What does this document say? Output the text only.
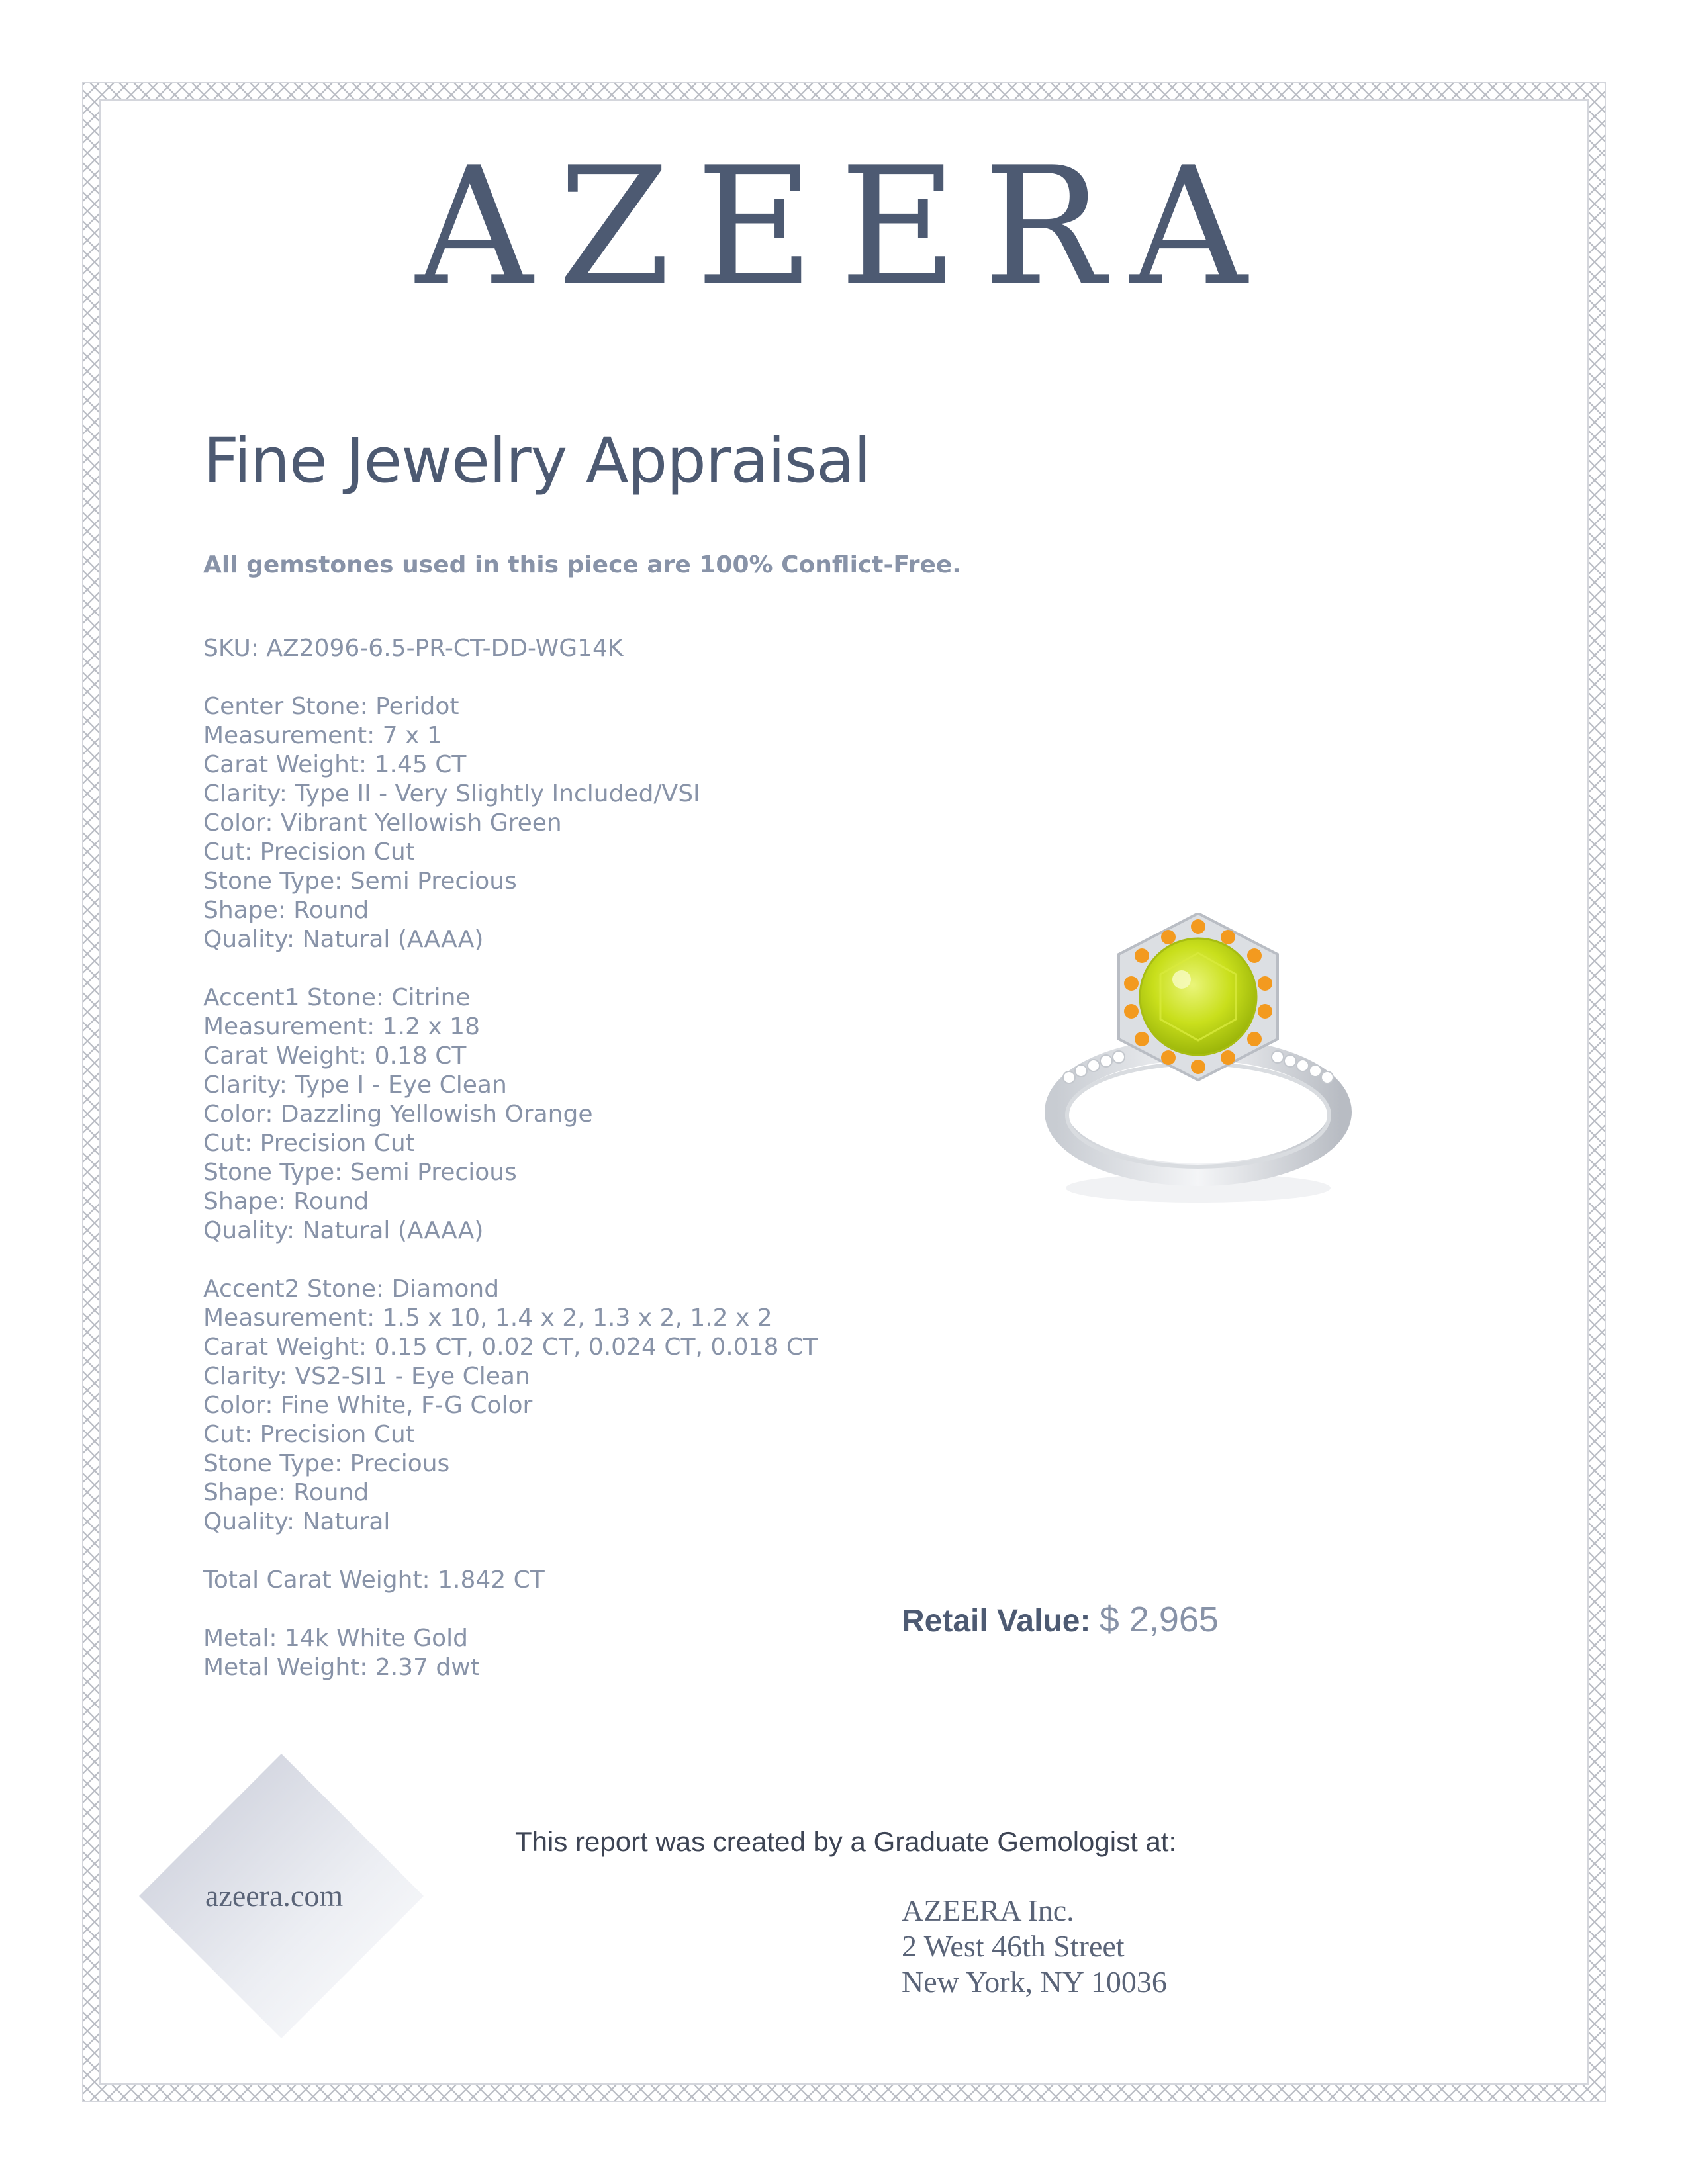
AZEERA
Fine Jewelry Appraisal
All gemstones used in this piece are 100% Conflict-Free.
SKU: AZ2096-6.5-PR-CT-DD-WG14K
Center Stone: Peridot
Measurement: 7 x 1
Carat Weight: 1.45 CT
Clarity: Type II - Very Slightly Included/VSI
Color: Vibrant Yellowish Green
Cut: Precision Cut
Stone Type: Semi Precious
Shape: Round
Quality: Natural (AAAA)
Accent1 Stone: Citrine
Measurement: 1.2 x 18
Carat Weight: 0.18 CT
Clarity: Type I - Eye Clean
Color: Dazzling Yellowish Orange
Cut: Precision Cut
Stone Type: Semi Precious
Shape: Round
Quality: Natural (AAAA)
Accent2 Stone: Diamond
Measurement: 1.5 x 10, 1.4 x 2, 1.3 x 2, 1.2 x 2
Carat Weight: 0.15 CT, 0.02 CT, 0.024 CT, 0.018 CT
Clarity: VS2-SI1 - Eye Clean
Color: Fine White, F-G Color
Cut: Precision Cut
Stone Type: Precious
Shape: Round
Quality: Natural
Total Carat Weight: 1.842 CT
Metal: 14k White Gold
Metal Weight: 2.37 dwt
Retail Value: $ 2,965
azeera.com
This report was created by a Graduate Gemologist at:
AZEERA Inc.
2 West 46th Street
New York, NY 10036
